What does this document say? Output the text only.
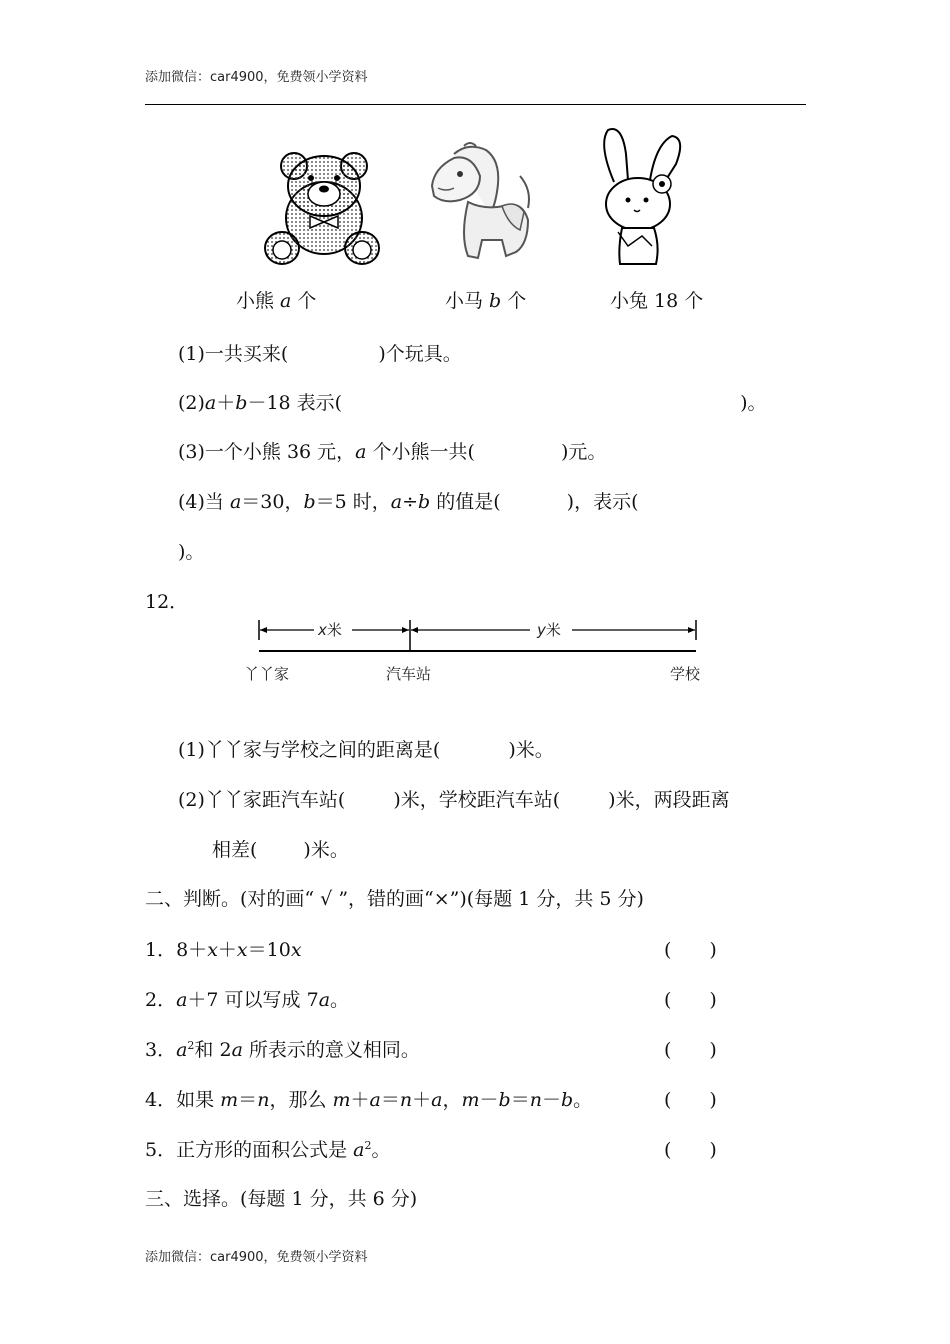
添加微信：car4900，免费领小学资料
小熊 a 个	小马 b 个	小兔 18 个
(1)一共买来(	)个玩具。
(2)a＋b－18 表示(	)。
(3)一个小熊 36 元，a 个小熊一共(	)元。
(4)当 a＝30，b＝5 时，a÷b 的值是(	)，表示(
)。
12．
x米	y米
丫丫家	汽车站	学校
(1)丫丫家与学校之间的距离是(	)米。
(2)丫丫家距汽车站(	)米，学校距汽车站(	)米，两段距离
相差( )米。
二、判断。(对的画“ √ ”，错的画“×”)(每题 1 分，共 5 分)
1．8＋x＋x＝10x	(　　)
2．a＋7 可以写成 7a。	(　　)
3．$a^2$和 2a 所表示的意义相同。	(　　)
4．如果 m＝n，那么 m＋a＝n＋a，m－b＝n－b。	(　　)
5．正方形的面积公式是 $a^2$。	(　　)
三、选择。(每题 1 分，共 6 分)
添加微信：car4900，免费领小学资料
